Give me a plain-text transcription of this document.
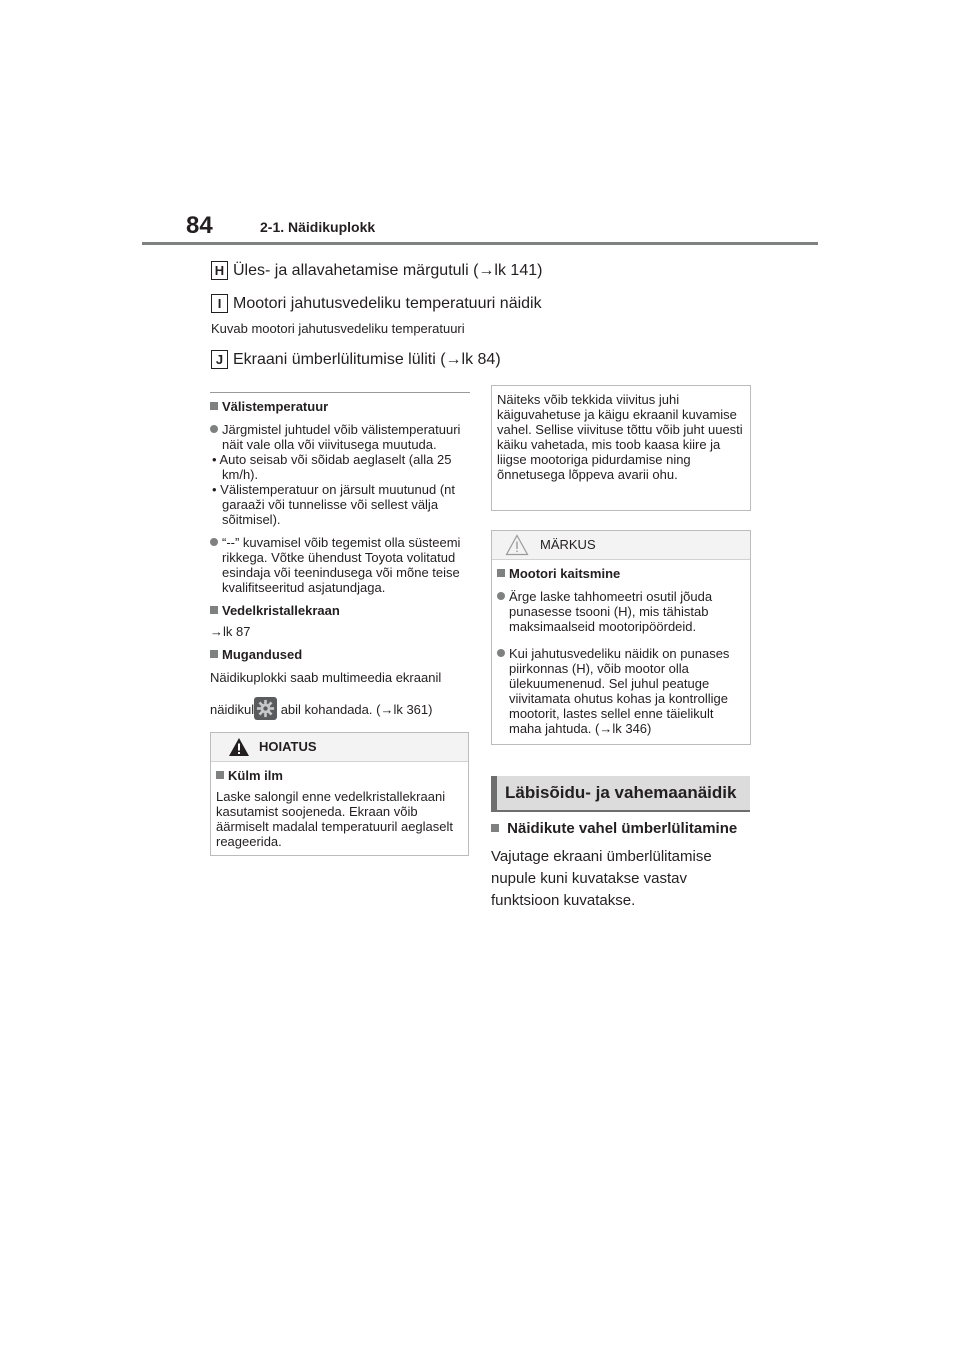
84	2-1. Näidikuplokk
H Üles- ja allavahetamise märgutuli (→lk 141)
I Mootori jahutusvedeliku temperatuuri näidik
Kuvab mootori jahutusvedeliku temperatuuri
J Ekraani ümberlülitumise lüliti (→lk 84)
Välistemperatuur
Järgmistel juhtudel võib välistemperatuuri näit vale olla või viivitusega muutuda.
• Auto seisab või sõidab aeglaselt (alla 25 km/h).
• Välistemperatuur on järsult muutunud (nt garaaži või tunnelisse või sellest välja sõitmisel).
“--” kuvamisel võib tegemist olla süsteemi rikkega. Võtke ühendust Toyota volitatud esindaja või teenindusega või mõne teise kvalifitseeritud asjatundjaga.
Vedelkristallekraan
→lk 87
Mugandused
Näidikuplokki saab multimeedia ekraanil
näidikul
abil kohandada. (→lk 361)
HOIATUS
Külm ilm
Laske salongil enne vedelkristallekraani kasutamist soojeneda. Ekraan võib äärmiselt madalal temperatuuril aeglaselt reageerida.
Näiteks võib tekkida viivitus juhi käiguvahetuse ja käigu ekraanil kuvamise vahel. Sellise viivituse tõttu võib juht uuesti käiku vahetada, mis toob kaasa kiire ja liigse mootoriga pidurdamise ning õnnetusega lõppeva avarii ohu.
MÄRKUS
Mootori kaitsmine
Ärge laske tahhomeetri osutil jõuda punasesse tsooni (H), mis tähistab maksimaalseid mootoripöördeid.
Kui jahutusvedeliku näidik on punases piirkonnas (H), võib mootor olla ülekuumenenud. Sel juhul peatuge viivitamata ohutus kohas ja kontrollige mootorit, lastes sellel enne täielikult maha jahtuda. (→lk 346)
Läbisõidu- ja vahemaanäidik
Näidikute vahel ümberlülitamine
Vajutage ekraani ümberlülitamise nupule kuni kuvatakse vastav funktsioon kuvatakse.
